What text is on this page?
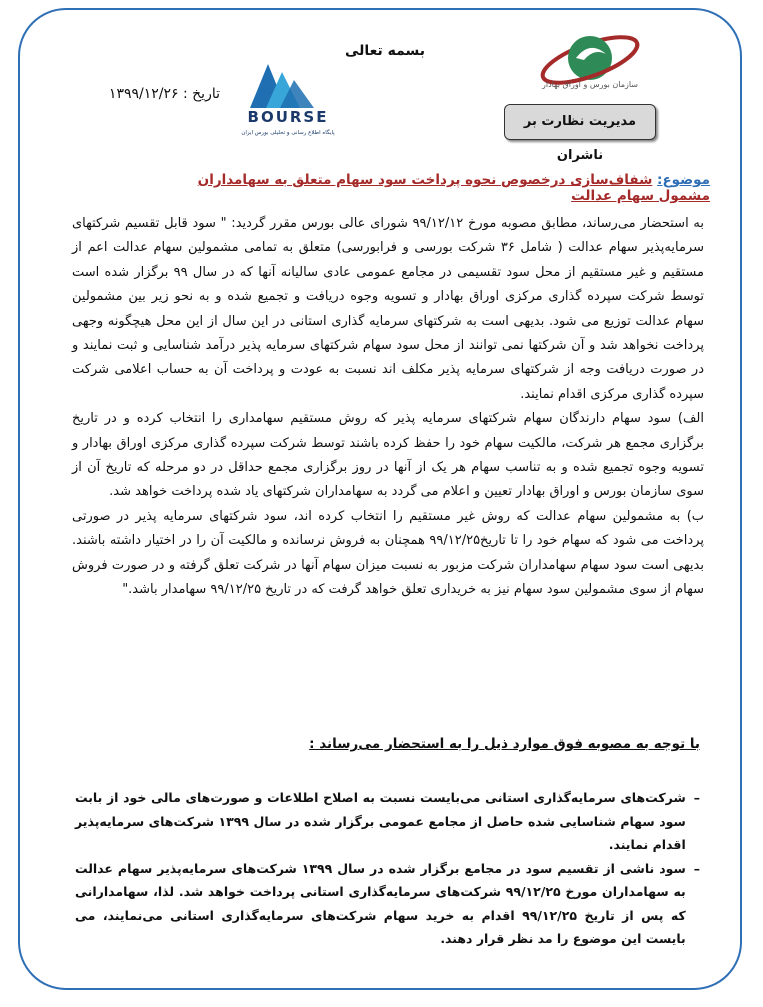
سازمان بورس و اوراق بهادار
مدیریت نظارت بر ناشران
بسمه تعالی
BOURSE
پایگاه اطلاع رسانی و تحلیلی بورس ایران
تاریخ : ۱۳۹۹/۱۲/۲۶
موضوع: شفاف‌سازی درخصوص نحوه پرداخت سود سهام متعلق به سهامداران مشمول سهام عدالت

به استحضار می‌رساند، مطابق مصوبه مورخ ۹۹/۱۲/۱۲ شورای عالی بورس مقرر گردید: " سود قابل تقسیم شرکتهای سرمایه‌پذیر سهام عدالت ( شامل ۳۶ شرکت بورسی و فرابورسی) متعلق به تمامی مشمولین سهام عدالت اعم از مستقیم و غیر مستقیم از محل سود تقسیمی در مجامع عمومی عادی سالیانه آنها که در سال ۹۹ برگزار شده است توسط شرکت سپرده گذاری مرکزی اوراق بهادار و تسویه وجوه دریافت و تجمیع شده و به نحو زیر بین مشمولین سهام عدالت توزیع می شود. بدیهی است به شرکتهای سرمایه گذاری استانی در این سال از این محل هیچگونه وجهی پرداخت نخواهد شد و آن شرکتها نمی توانند از محل سود سهام شرکتهای سرمایه پذیر درآمد شناسایی و ثبت نمایند و در صورت دریافت وجه از شرکتهای سرمایه پذیر مکلف اند نسبت به عودت و پرداخت آن به حساب اعلامی شرکت سپرده گذاری مرکزی اقدام نمایند.

الف) سود سهام دارندگان سهام شرکتهای سرمایه پذیر که روش مستقیم سهامداری را انتخاب کرده و در تاریخ برگزاری مجمع هر شرکت، مالکیت سهام خود را حفظ کرده باشند توسط شرکت سپرده گذاری مرکزی اوراق بهادار و تسویه وجوه تجمیع شده و به تناسب سهام هر یک از آنها در روز برگزاری مجمع حداقل در دو مرحله که تاریخ آن از سوی سازمان بورس و اوراق بهادار تعیین و اعلام می گردد به سهامداران شرکتهای یاد شده پرداخت خواهد شد.

ب) به مشمولین سهام عدالت که روش غیر مستقیم را انتخاب کرده اند، سود شرکتهای سرمایه پذیر در صورتی پرداخت می شود که سهام خود را تا تاریخ۹۹/۱۲/۲۵ همچنان به فروش نرسانده و مالکیت آن را در اختیار داشته باشند. بدیهی است سود سهام سهامداران شرکت مزبور به نسبت میزان سهام آنها در شرکت تعلق گرفته و در صورت فروش سهام از سوی مشمولین سود سهام نیز به خریداری تعلق خواهد گرفت که در تاریخ ۹۹/۱۲/۲۵ سهامدار باشد."

با توجه به مصوبه فوق موارد ذیل را به استحضار می‌رساند :
–
شرکت‌های سرمایه‌گذاری استانی می‌بایست نسبت به اصلاح اطلاعات و صورت‌های مالی خود از بابت سود سهام شناسایی شده حاصل از مجامع عمومی برگزار شده در سال ۱۳۹۹ شرکت‌های سرمایه‌پذیر اقدام نمایند.
–
سود ناشی از تقسیم سود در مجامع برگزار شده در سال ۱۳۹۹ شرکت‌های سرمایه‌پذیر سهام عدالت به سهامداران مورخ ۹۹/۱۲/۲۵ شرکت‌های سرمایه‌گذاری استانی پرداخت خواهد شد. لذا، سهامدارانی که پس از تاریخ ۹۹/۱۲/۲۵ اقدام به خرید سهام شرکت‌های سرمایه‌گذاری استانی می‌نمایند، می بایست این موضوع را مد نظر قرار دهند.
